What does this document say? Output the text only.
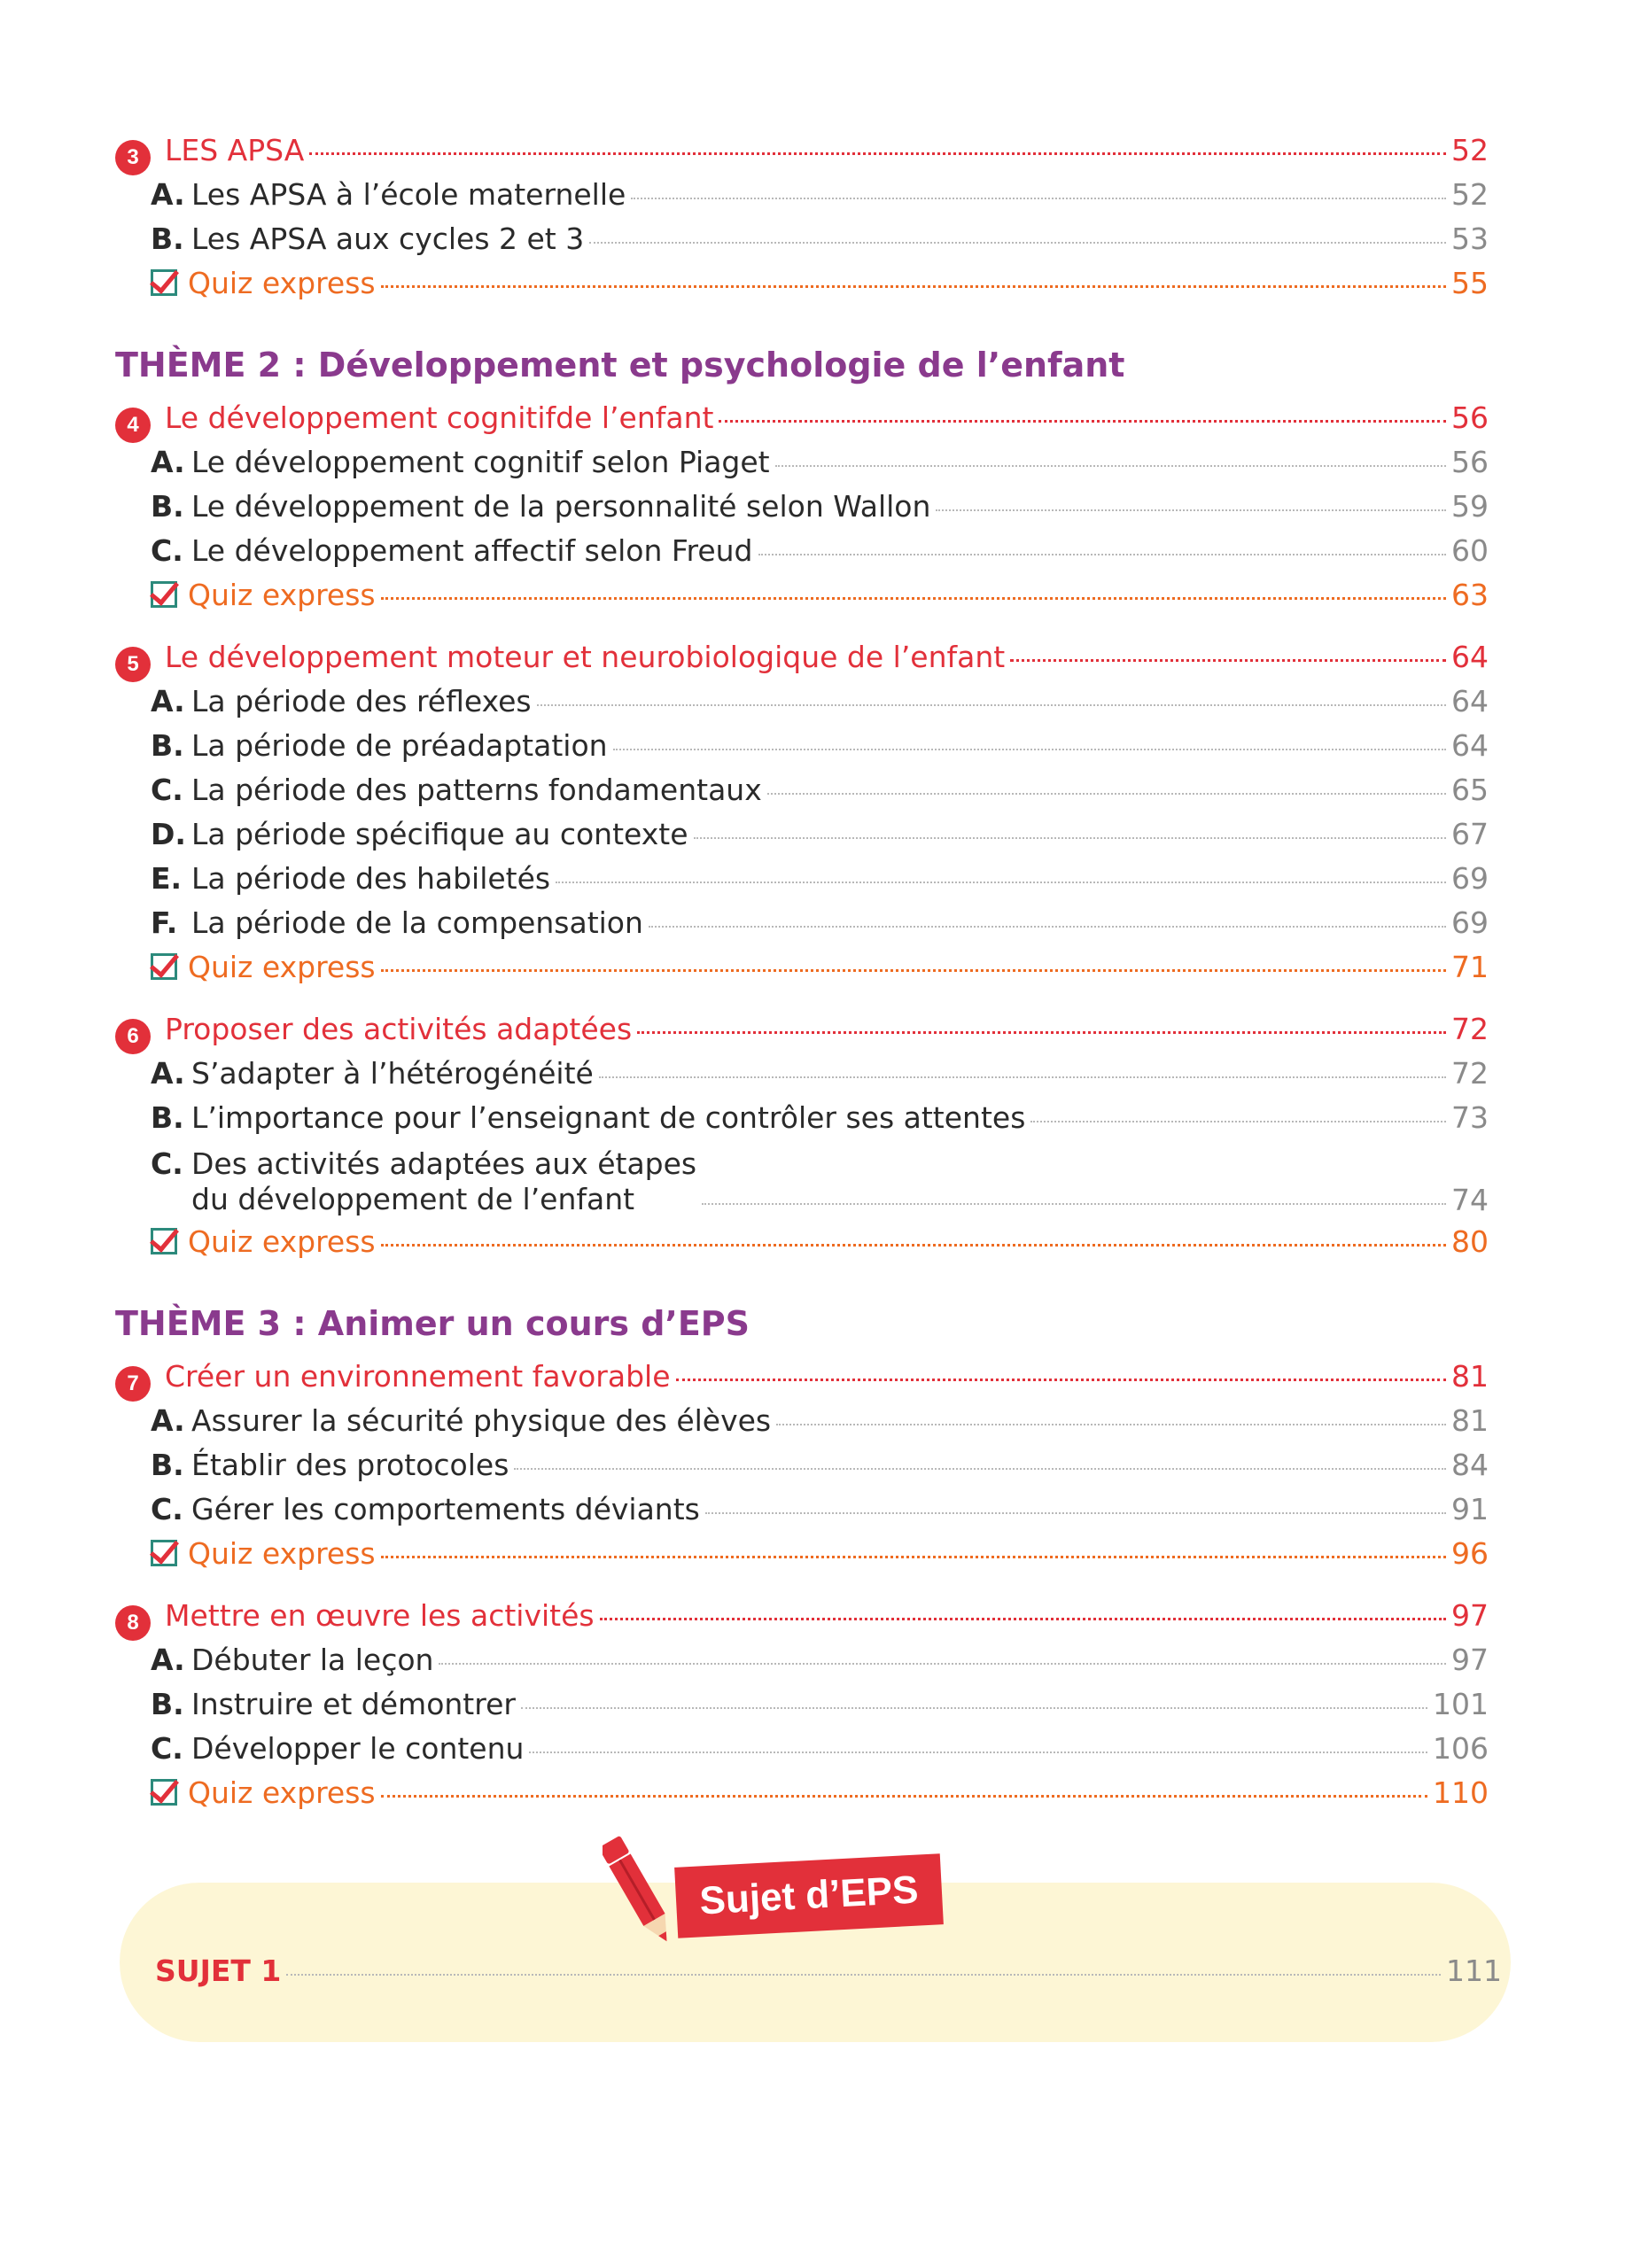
3 LES APSA	52
A. Les APSA à l’école maternelle	52
B. Les APSA aux cycles 2 et 3	53
Quiz express	55
THÈME 2 : Développement et psychologie de l’enfant
4 Le développement cognitifde l’enfant	56
A. Le développement cognitif selon Piaget	56
B. Le développement de la personnalité selon Wallon	59
C. Le développement affectif selon Freud	60
Quiz express	63
5 Le développement moteur et neurobiologique de l’enfant	64
A. La période des réflexes	64
B. La période de préadaptation	64
C. La période des patterns fondamentaux	65
D. La période spécifique au contexte	67
E. La période des habiletés	69
F. La période de la compensation	69
Quiz express	71
6 Proposer des activités adaptées	72
A. S’adapter à l’hétérogénéité	72
B. L’importance pour l’enseignant de contrôler ses attentes	73
C. Des activités adaptées aux étapes
du développement de l’enfant	74
Quiz express	80
THÈME 3 : Animer un cours d’EPS
7 Créer un environnement favorable	81
A. Assurer la sécurité physique des élèves	81
B. Établir des protocoles	84
C. Gérer les comportements déviants	91
Quiz express	96
8 Mettre en œuvre les activités	97
A. Débuter la leçon	97
B. Instruire et démontrer	101
C. Développer le contenu	106
Quiz express	110
Sujet d’EPS
SUJET 1	111
